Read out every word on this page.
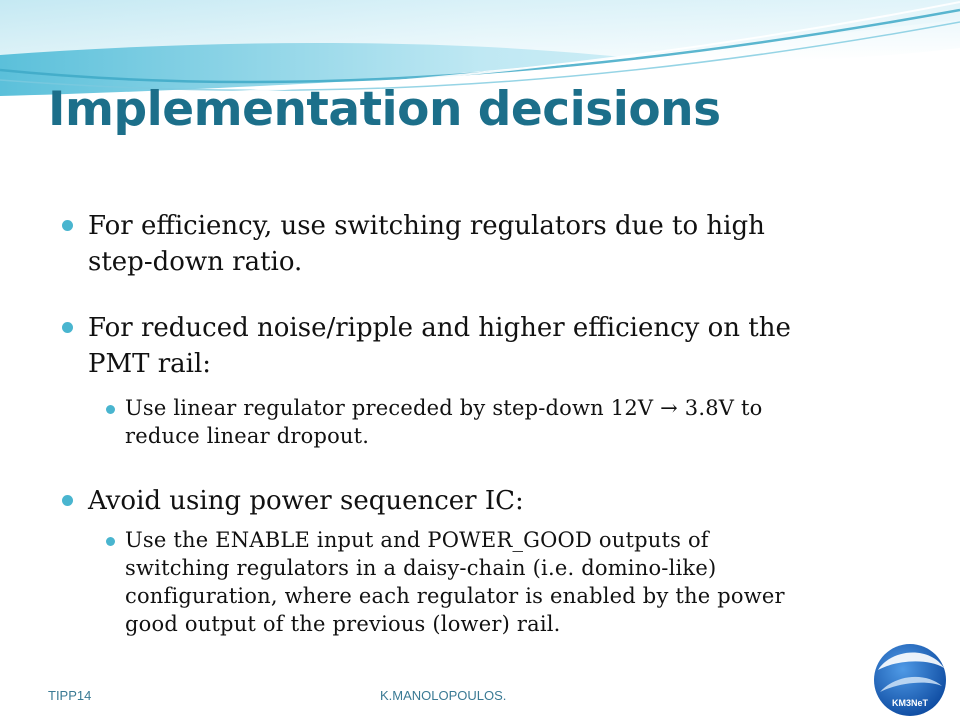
Implementation decisions

For efficiency, use switching regulators due to high

step-down ratio.

For reduced noise/ripple and higher efficiency on the

PMT rail:

Use linear regulator preceded by step-down 12V → 3.8V to

reduce linear dropout.

Avoid using power sequencer IC:

Use the ENABLE input and POWER_GOOD outputs of

switching regulators in a daisy-chain (i.e. domino-like)

configuration, where each regulator is enabled by the power

good output of the previous (lower) rail.

TIPP14	K.MANOLOPOULOS.	KM3NeT
